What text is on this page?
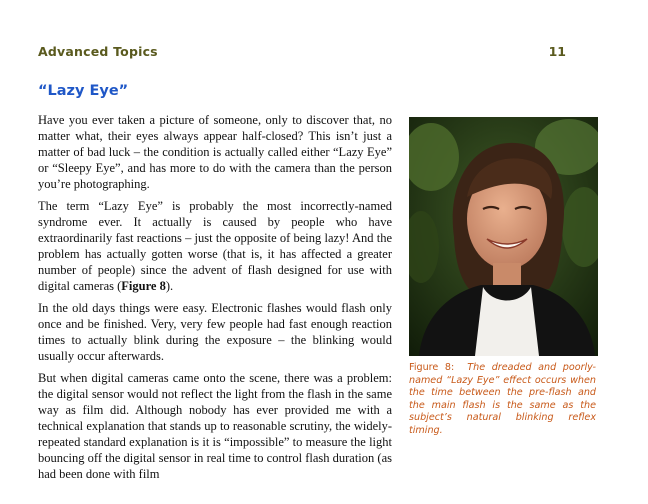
Advanced Topics	11
“Lazy Eye”

Have you ever taken a picture of someone, only to discover that, no matter what, their eyes always appear half-closed? This isn’t just a matter of bad luck – the condition is actually called either “Lazy Eye” or “Sleepy Eye”, and has more to do with the camera than the person you’re photographing.

The term “Lazy Eye” is probably the most incorrectly-named syndrome ever. It actually is caused by people who have extraordinarily fast reactions – just the opposite of being lazy! And the problem has actually gotten worse (that is, it has affected a greater number of people) since the advent of flash designed for use with digital cameras (Figure 8).

In the old days things were easy. Electronic flashes would flash only once and be finished. Very, very few people had fast enough reaction times to actually blink during the exposure – the blinking would usually occur afterwards.

But when digital cameras came onto the scene, there was a problem: the digital sensor would not reflect the light from the flash in the same way as film did. Although nobody has ever provided me with a technical explanation that stands up to reasonable scrutiny, the widely-repeated standard explanation is it is “impossible” to measure the light bouncing off the digital sensor in real time to control flash duration (as had been done with film

Figure 8: The dreaded and poorly-named “Lazy Eye” effect occurs when the time between the pre-flash and the main flash is the same as the subject’s natural blinking reflex timing.
